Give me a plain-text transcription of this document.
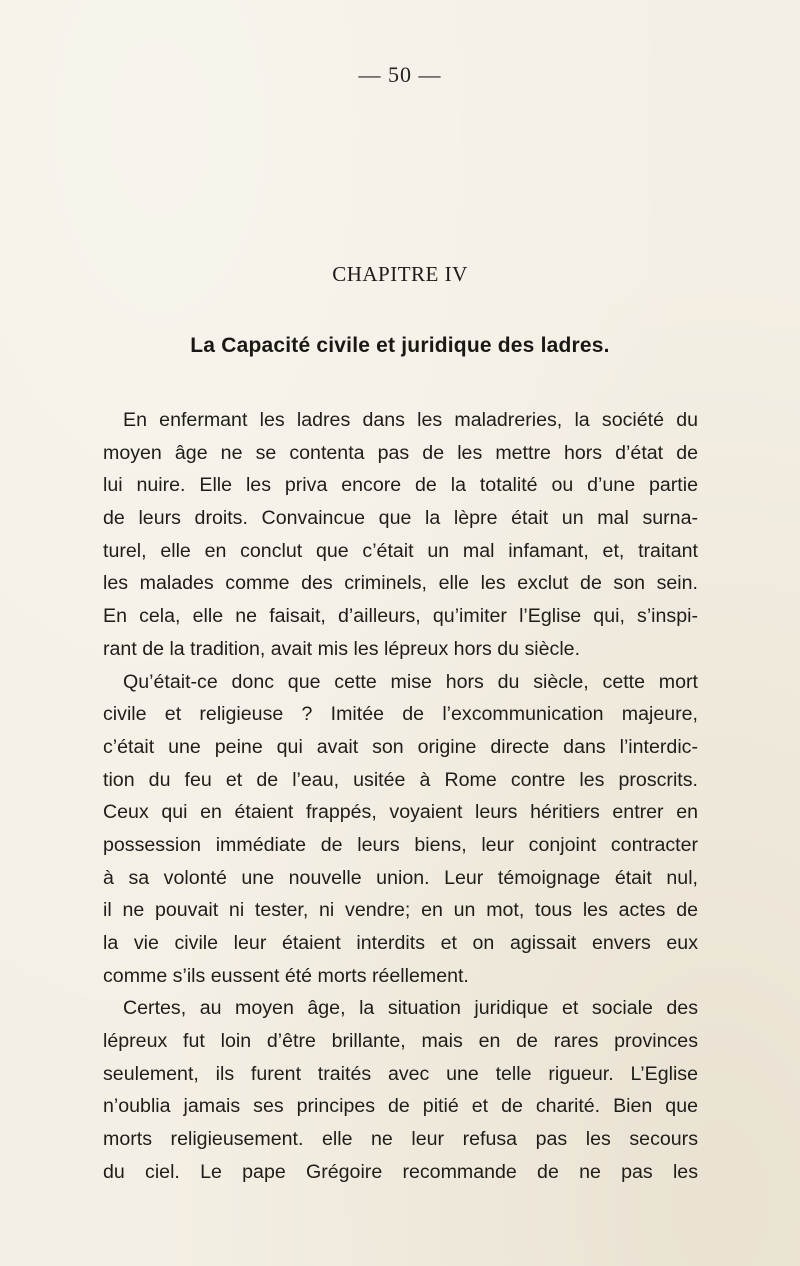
— 50 —
CHAPITRE IV
La Capacité civile et juridique des ladres.
En enfermant les ladres dans les maladreries, la société du
moyen âge ne se contenta pas de les mettre hors d’état de
lui nuire. Elle les priva encore de la totalité ou d’une partie
de leurs droits. Convaincue que la lèpre était un mal surna-
turel, elle en conclut que c’était un mal infamant, et, traitant
les malades comme des criminels, elle les exclut de son sein.
En cela, elle ne faisait, d’ailleurs, qu’imiter l’Eglise qui, s’inspi-
rant de la tradition, avait mis les lépreux hors du siècle.
Qu’était-ce donc que cette mise hors du siècle, cette mort
civile et religieuse ? Imitée de l’excommunication majeure,
c’était une peine qui avait son origine directe dans l’interdic-
tion du feu et de l’eau, usitée à Rome contre les proscrits.
Ceux qui en étaient frappés, voyaient leurs héritiers entrer en
possession immédiate de leurs biens, leur conjoint contracter
à sa volonté une nouvelle union. Leur témoignage était nul,
il ne pouvait ni tester, ni vendre; en un mot, tous les actes de
la vie civile leur étaient interdits et on agissait envers eux
comme s’ils eussent été morts réellement.
Certes, au moyen âge, la situation juridique et sociale des
lépreux fut loin d’être brillante, mais en de rares provinces
seulement, ils furent traités avec une telle rigueur. L’Eglise
n’oublia jamais ses principes de pitié et de charité. Bien que
morts religieusement. elle ne leur refusa pas les secours
du ciel. Le pape Grégoire recommande de ne pas les
